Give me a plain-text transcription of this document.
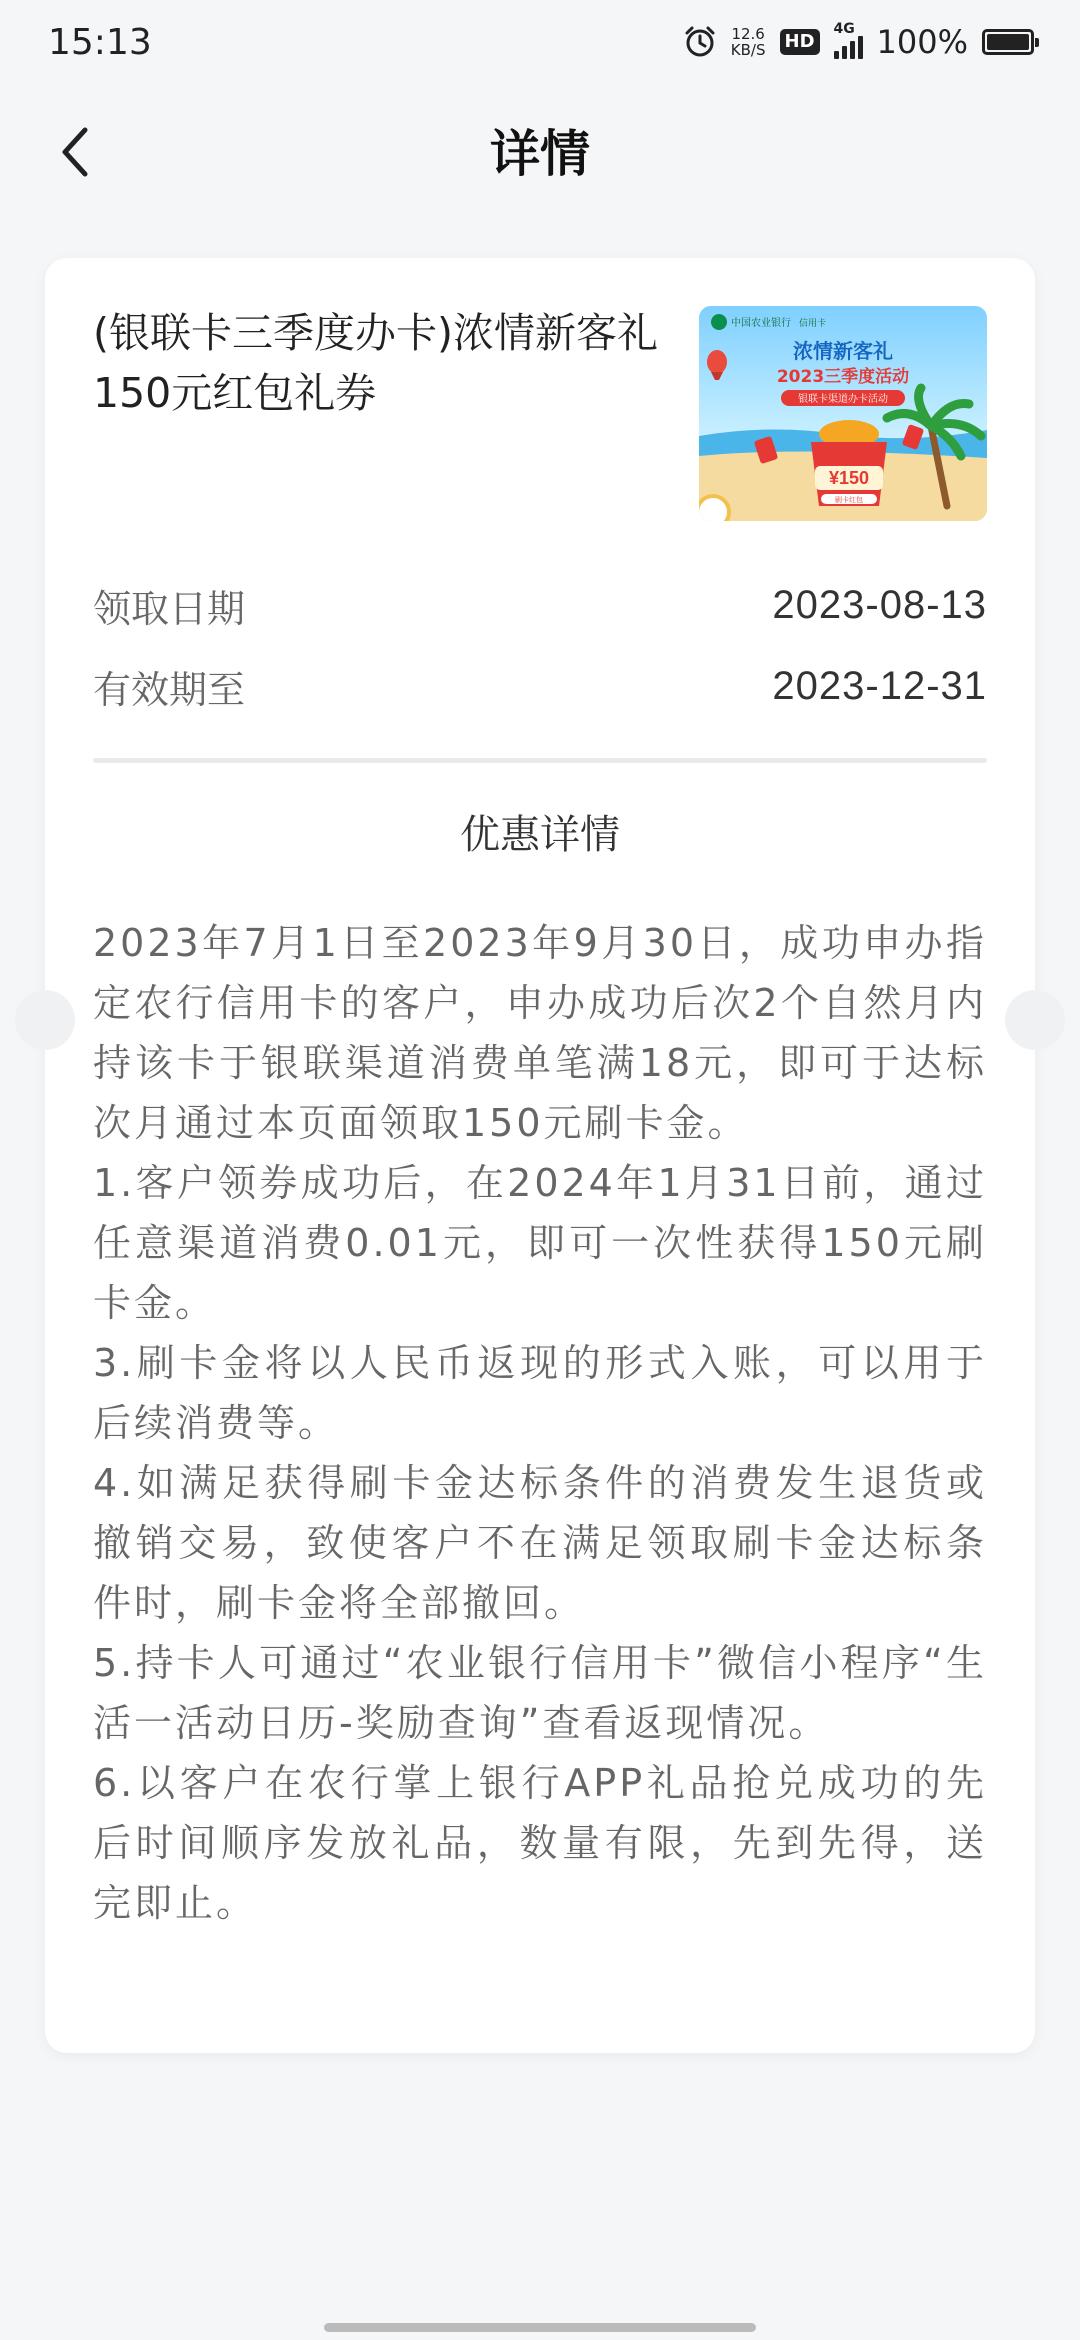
15:13	12.6
KB/S HD
4G 100%
详情
(银联卡三季度办卡)浓情新客礼150元红包礼券
中国农业银行 信用卡
浓情新客礼
2023三季度活动
银联卡渠道办卡活动
¥150
刷卡红包
领取日期	2023-08-13
有效期至	2023-12-31
优惠详情
2023年7月1日至2023年9月30日，成功申办指定农行信用卡的客户，申办成功后次2个自然月内持该卡于银联渠道消费单笔满18元，即可于达标次月通过本页面领取150元刷卡金。
1.客户领券成功后，在2024年1月31日前，通过任意渠道消费0.01元，即可一次性获得150元刷卡金。
3.刷卡金将以人民币返现的形式入账，可以用于后续消费等。
4.如满足获得刷卡金达标条件的消费发生退货或撤销交易，致使客户不在满足领取刷卡金达标条件时，刷卡金将全部撤回。
5.持卡人可通过“农业银行信用卡”微信小程序“生活一活动日历-奖励查询”查看返现情况。
6.以客户在农行掌上银行APP礼品抢兑成功的先后时间顺序发放礼品，数量有限，先到先得，送完即止。
